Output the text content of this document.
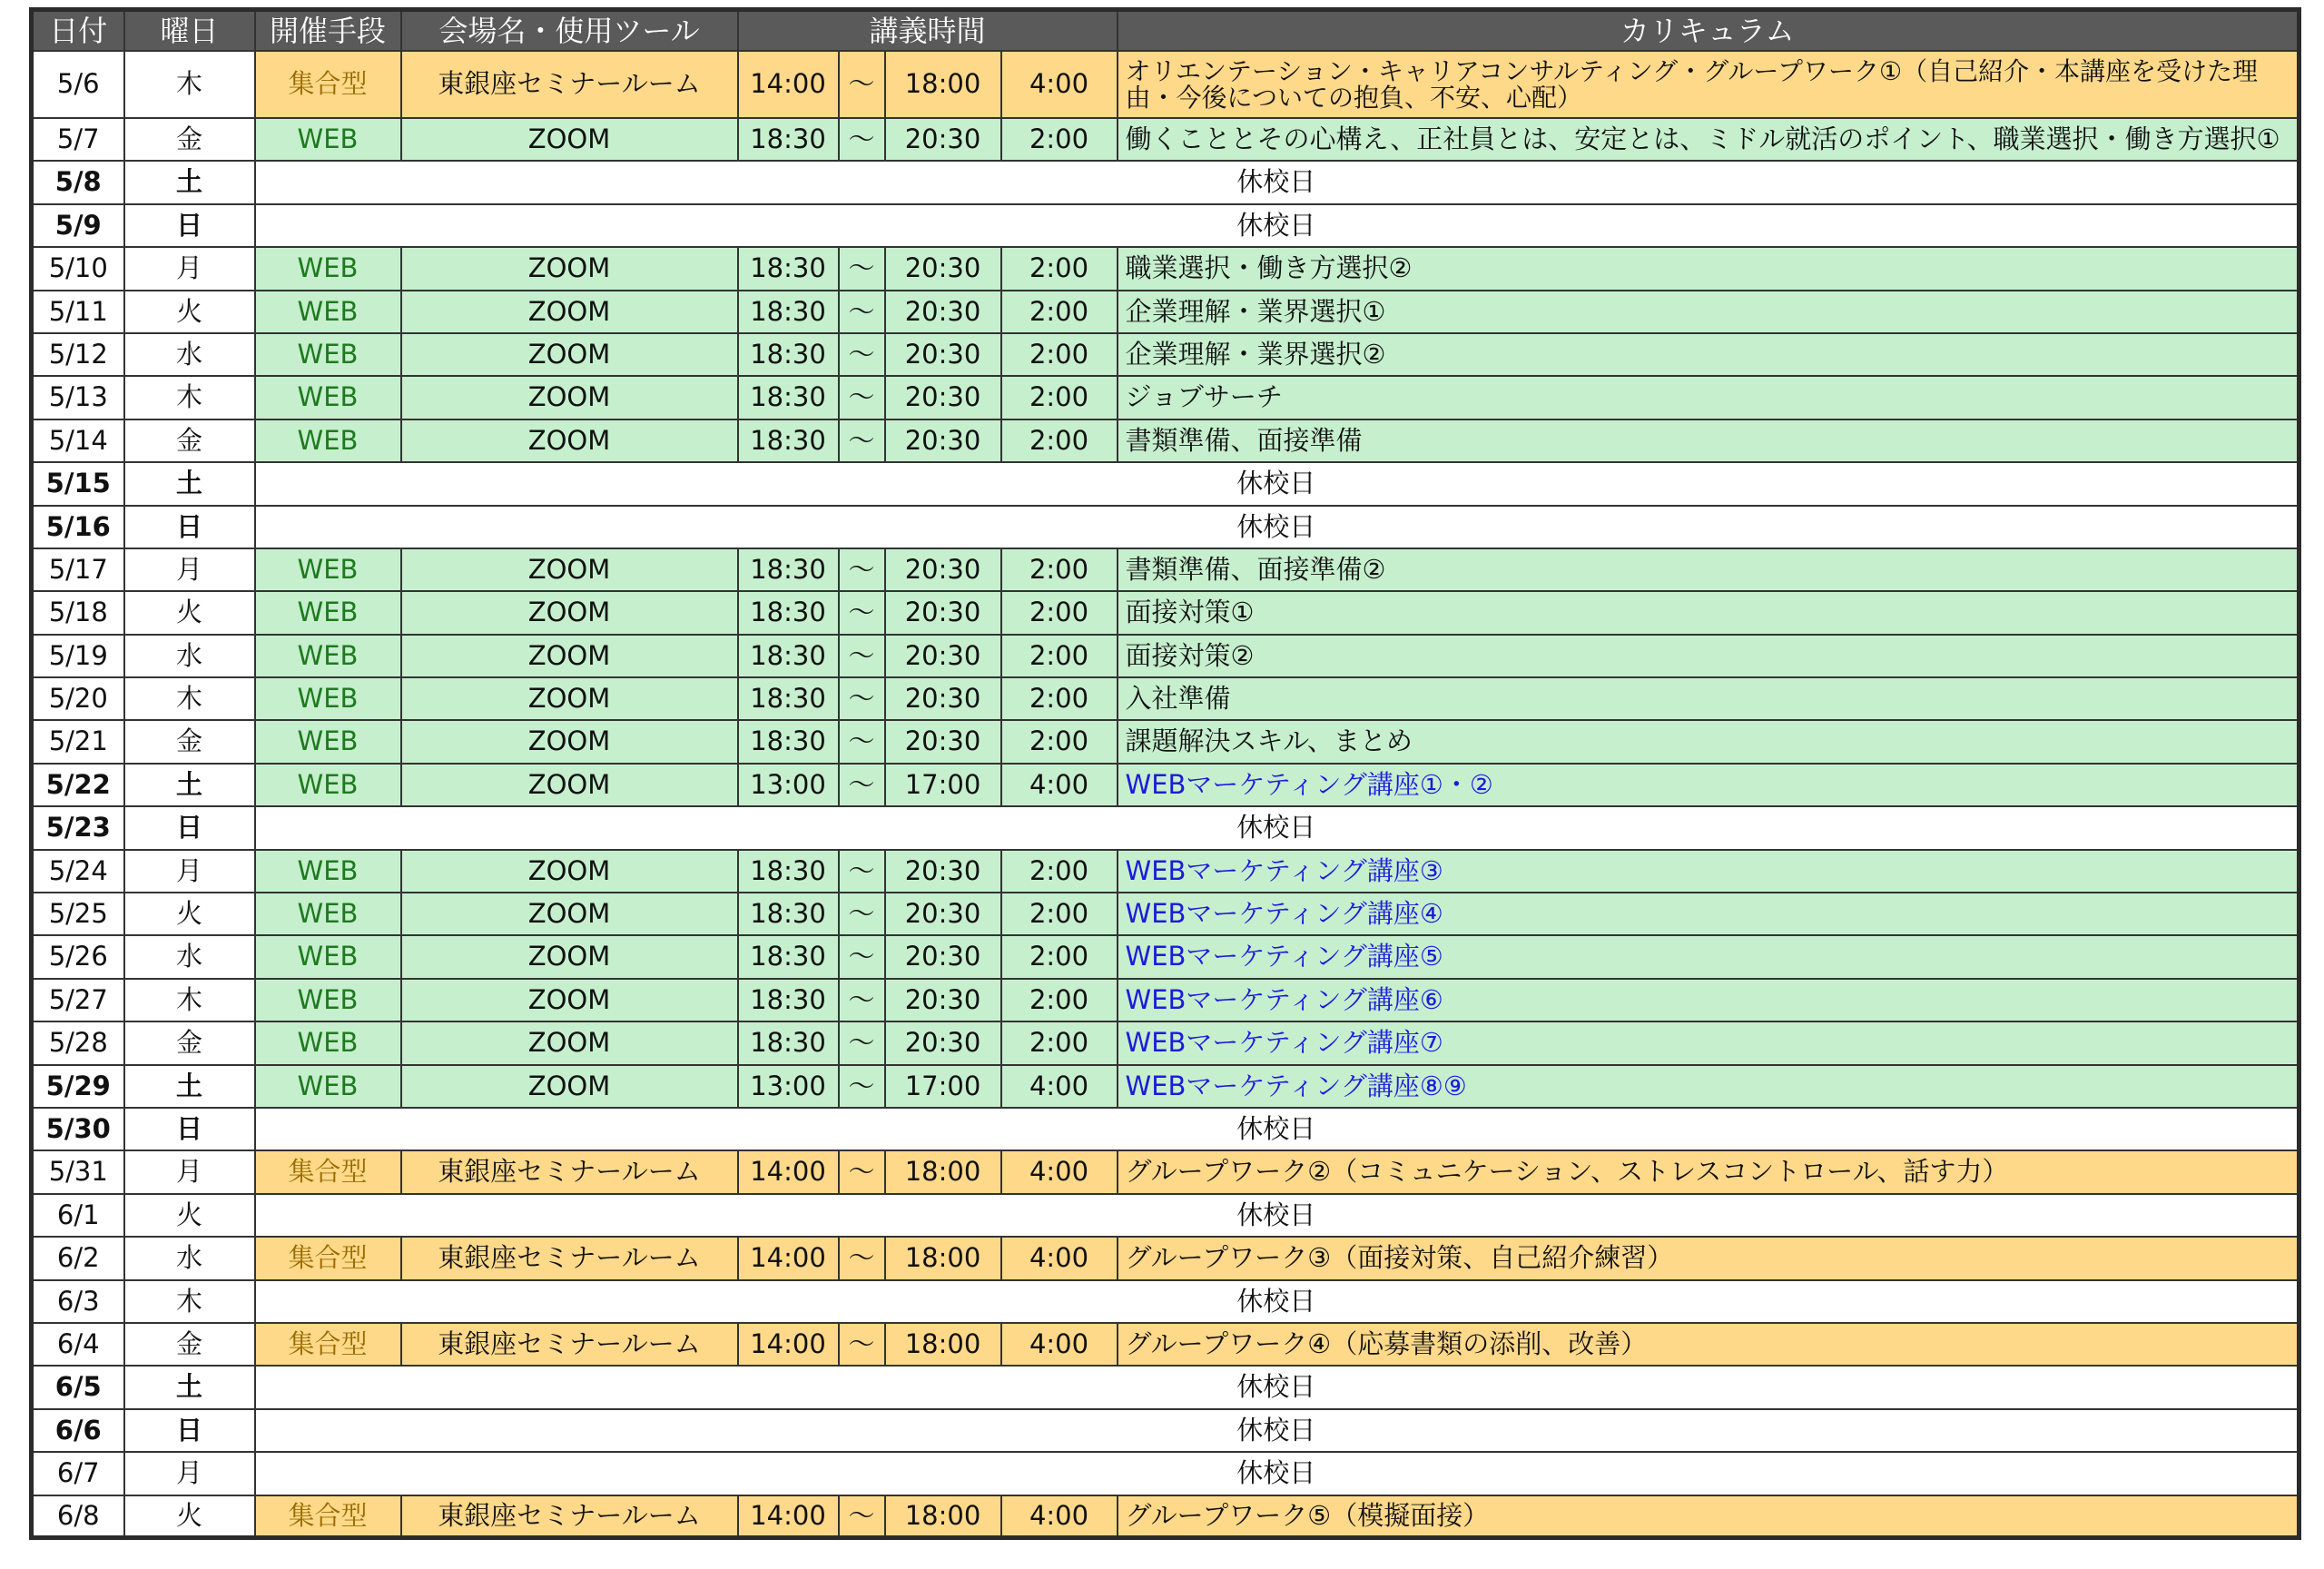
日付	曜日	開催手段	会場名・使用ツール	講義時間				カリキュラム
5/6	木	集合型	東銀座セミナールーム	14:00	～	18:00	4:00	オリエンテーション・キャリアコンサルティング・グループワーク①（自己紹介・本講座を受けた理由・今後についての抱負、不安、心配）
5/7	金	WEB	ZOOM	18:30	～	20:30	2:00	働くこととその心構え、正社員とは、安定とは、ミドル就活のポイント、職業選択・働き方選択①
5/8	土	休校日						
5/9	日	休校日						
5/10	月	WEB	ZOOM	18:30	～	20:30	2:00	職業選択・働き方選択②
5/11	火	WEB	ZOOM	18:30	～	20:30	2:00	企業理解・業界選択①
5/12	水	WEB	ZOOM	18:30	～	20:30	2:00	企業理解・業界選択②
5/13	木	WEB	ZOOM	18:30	～	20:30	2:00	ジョブサーチ
5/14	金	WEB	ZOOM	18:30	～	20:30	2:00	書類準備、面接準備
5/15	土	休校日						
5/16	日	休校日						
5/17	月	WEB	ZOOM	18:30	～	20:30	2:00	書類準備、面接準備②
5/18	火	WEB	ZOOM	18:30	～	20:30	2:00	面接対策①
5/19	水	WEB	ZOOM	18:30	～	20:30	2:00	面接対策②
5/20	木	WEB	ZOOM	18:30	～	20:30	2:00	入社準備
5/21	金	WEB	ZOOM	18:30	～	20:30	2:00	課題解決スキル、まとめ
5/22	土	WEB	ZOOM	13:00	～	17:00	4:00	WEBマーケティング講座①・②
5/23	日	休校日						
5/24	月	WEB	ZOOM	18:30	～	20:30	2:00	WEBマーケティング講座③
5/25	火	WEB	ZOOM	18:30	～	20:30	2:00	WEBマーケティング講座④
5/26	水	WEB	ZOOM	18:30	～	20:30	2:00	WEBマーケティング講座⑤
5/27	木	WEB	ZOOM	18:30	～	20:30	2:00	WEBマーケティング講座⑥
5/28	金	WEB	ZOOM	18:30	～	20:30	2:00	WEBマーケティング講座⑦
5/29	土	WEB	ZOOM	13:00	～	17:00	4:00	WEBマーケティング講座⑧⑨
5/30	日	休校日						
5/31	月	集合型	東銀座セミナールーム	14:00	～	18:00	4:00	グループワーク②（コミュニケーション、ストレスコントロール、話す力）
6/1	火	休校日						
6/2	水	集合型	東銀座セミナールーム	14:00	～	18:00	4:00	グループワーク③（面接対策、自己紹介練習）
6/3	木	休校日						
6/4	金	集合型	東銀座セミナールーム	14:00	～	18:00	4:00	グループワーク④（応募書類の添削、改善）
6/5	土	休校日						
6/6	日	休校日						
6/7	月	休校日						
6/8	火	集合型	東銀座セミナールーム	14:00	～	18:00	4:00	グループワーク⑤（模擬面接）
